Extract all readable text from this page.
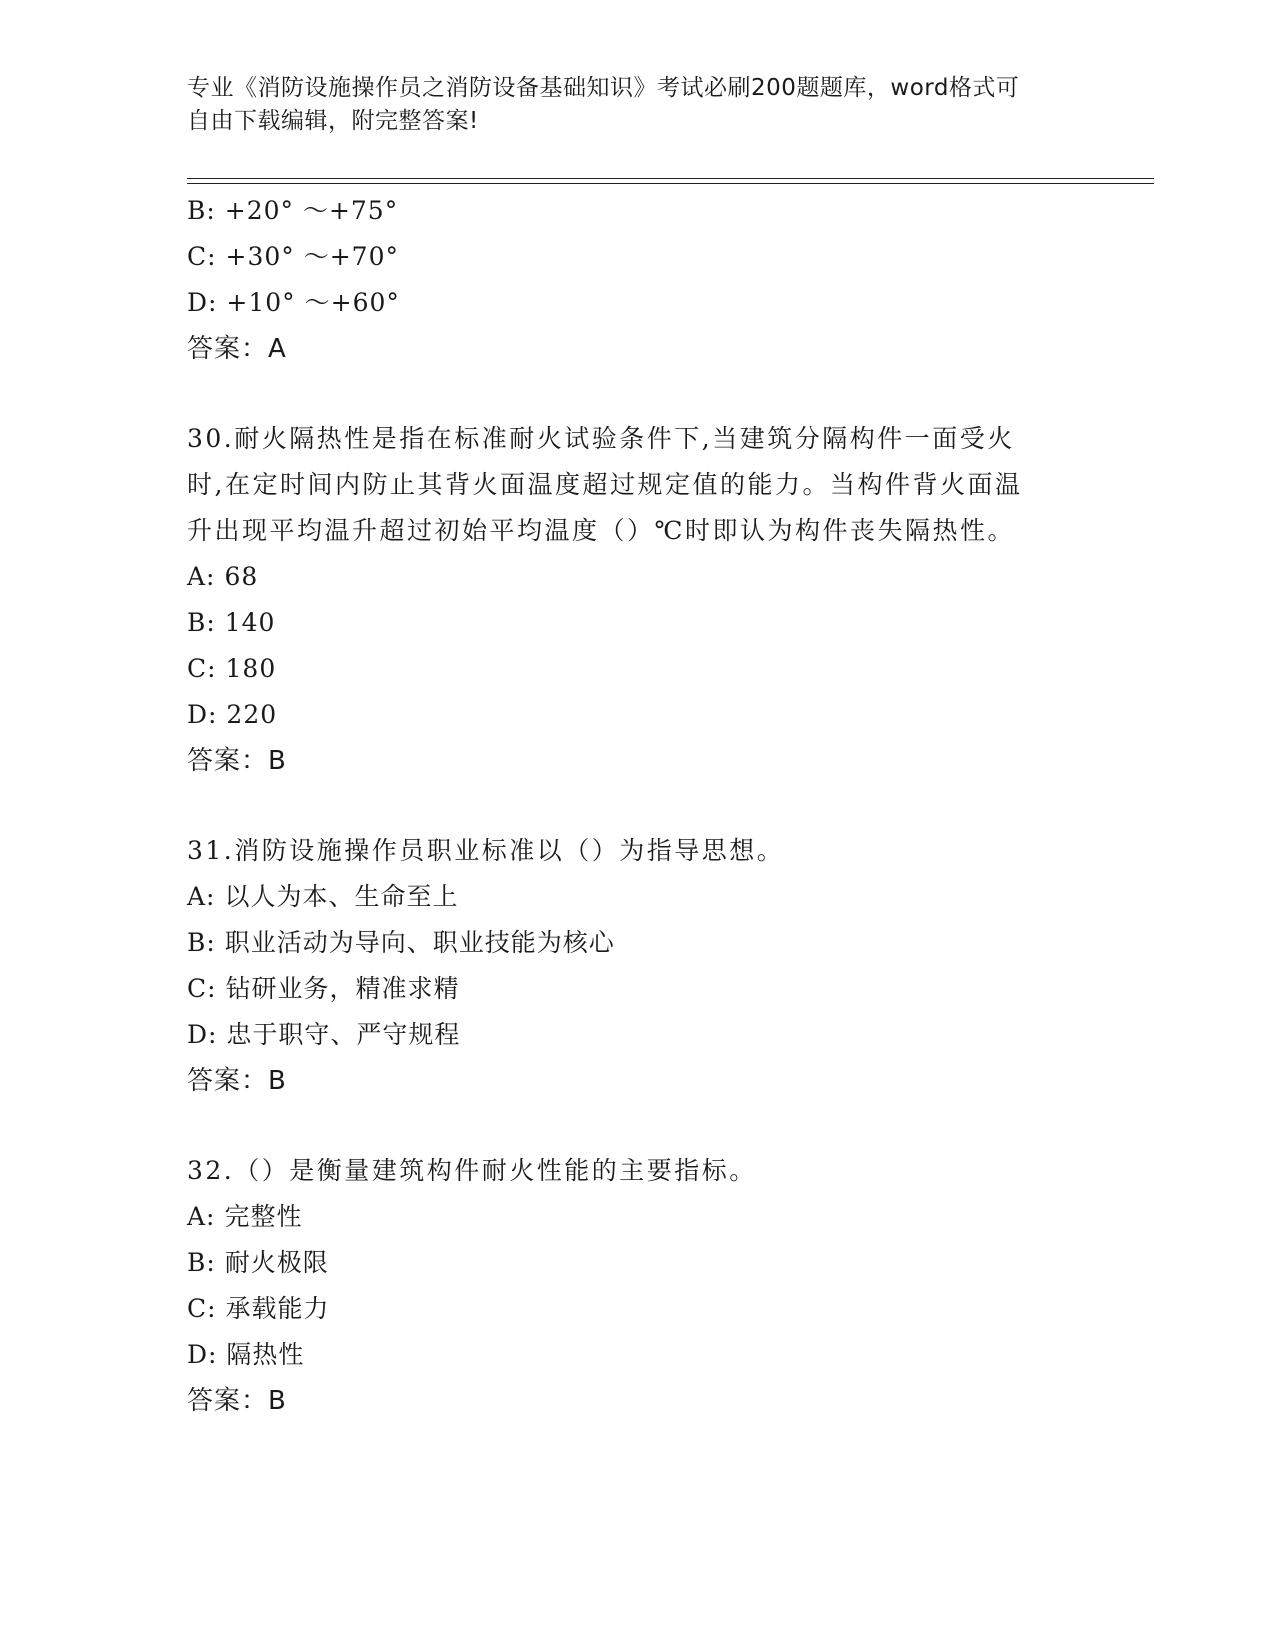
专业《消防设施操作员之消防设备基础知识》考试必刷200题题库，word格式可
自由下载编辑，附完整答案!
B: +20° ～+75°
C: +30° ～+70°
D: +10° ～+60°
答案：A
30.耐火隔热性是指在标准耐火试验条件下,当建筑分隔构件一面受火
时,在定时间内防止其背火面温度超过规定值的能力。当构件背火面温
升出现平均温升超过初始平均温度（）℃时即认为构件丧失隔热性。
A: 68
B: 140
C: 180
D: 220
答案：B
31.消防设施操作员职业标准以（）为指导思想。
A: 以人为本、生命至上
B: 职业活动为导向、职业技能为核心
C: 钻研业务，精准求精
D: 忠于职守、严守规程
答案：B
32.（）是衡量建筑构件耐火性能的主要指标。
A: 完整性
B: 耐火极限
C: 承载能力
D: 隔热性
答案：B
